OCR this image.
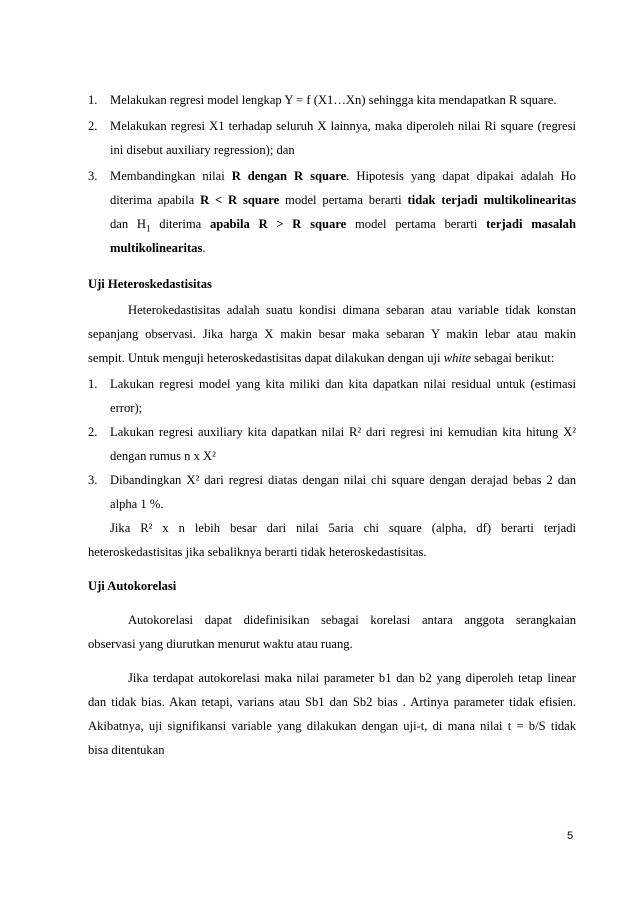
1. Melakukan regresi model lengkap Y = f (X1…Xn) sehingga kita mendapatkan R square.
2. Melakukan regresi X1 terhadap seluruh X lainnya, maka diperoleh nilai Ri square (regresi
ini disebut auxiliary regression); dan
3. Membandingkan nilai R dengan R square. Hipotesis yang dapat dipakai adalah Ho
diterima apabila R < R square model pertama berarti tidak terjadi multikolinearitas
dan $H_1$ diterima apabila R > R square model pertama berarti terjadi masalah
multikolinearitas.
Uji Heteroskedastisitas
Heterokedastisitas adalah suatu kondisi dimana sebaran atau variable tidak konstan
sepanjang observasi. Jika harga X makin besar maka sebaran Y makin lebar atau makin
sempit. Untuk menguji heteroskedastisitas dapat dilakukan dengan uji white sebagai berikut:
1. Lakukan regresi model yang kita miliki dan kita dapatkan nilai residual untuk (estimasi
error);
2. Lakukan regresi auxiliary kita dapatkan nilai R² dari regresi ini kemudian kita hitung X²
dengan rumus n x X²
3. Dibandingkan X² dari regresi diatas dengan nilai chi square dengan derajad bebas 2 dan
alpha 1 %.
Jika R² x n lebih besar dari nilai 5aria chi square (alpha, df) berarti terjadi
heteroskedastisitas jika sebaliknya berarti tidak heteroskedastisitas.
Uji Autokorelasi
Autokorelasi dapat didefinisikan sebagai korelasi antara anggota serangkaian
observasi yang diurutkan menurut waktu atau ruang.
Jika terdapat autokorelasi maka nilai parameter b1 dan b2 yang diperoleh tetap linear
dan tidak bias. Akan tetapi, varians atau Sb1 dan Sb2 bias . Artinya parameter tidak efisien.
Akibatnya, uji signifikansi variable yang dilakukan dengan uji-t, di mana nilai t = b/S tidak
bisa ditentukan
5
